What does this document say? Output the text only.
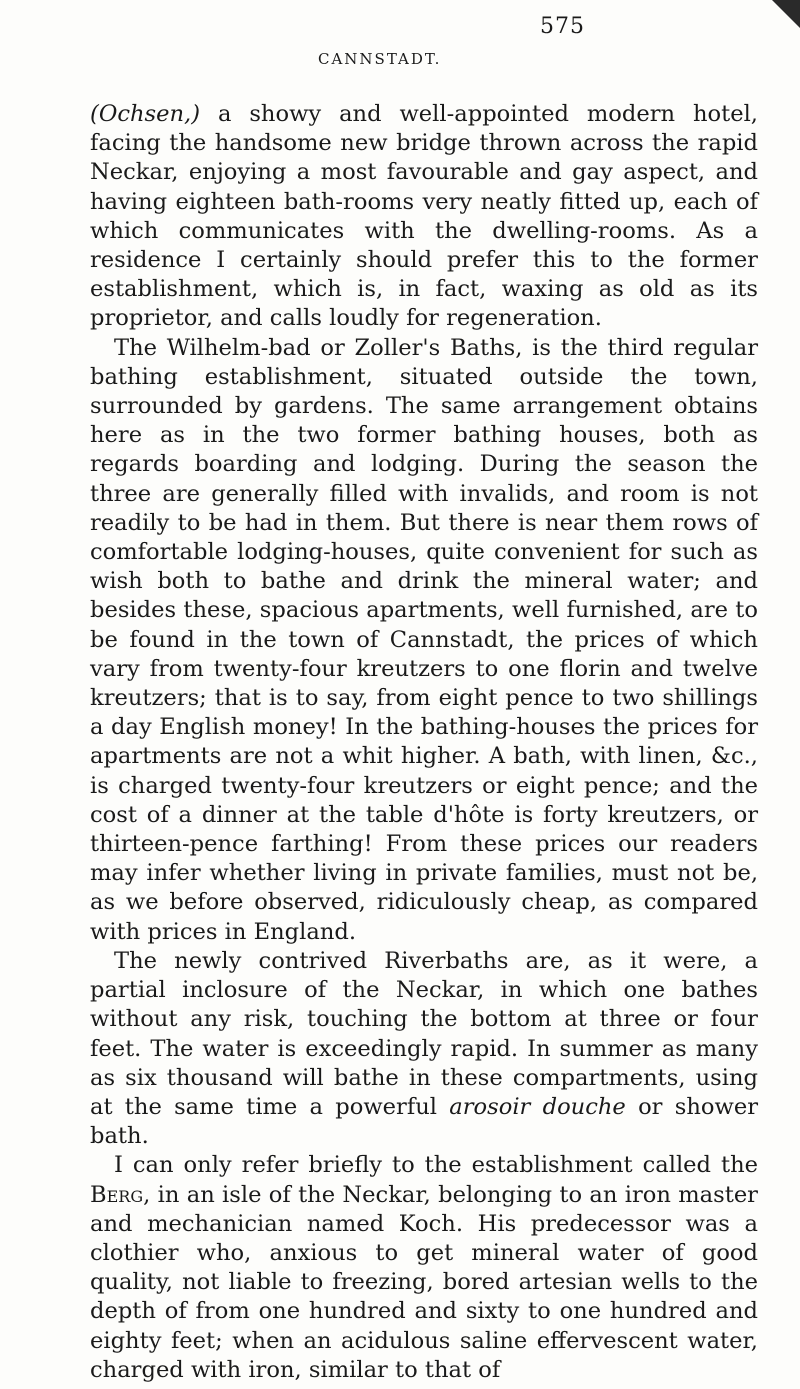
575
CANNSTADT.

(Ochsen,) a showy and well-appointed modern hotel, facing the handsome new bridge thrown across the rapid Neckar, enjoying a most favourable and gay aspect, and having eighteen bath-rooms very neatly fitted up, each of which communicates with the dwelling-rooms. As a residence I certainly should prefer this to the former establishment, which is, in fact, waxing as old as its proprietor, and calls loudly for regeneration.

The Wilhelm-bad or Zoller's Baths, is the third regular bathing establishment, situated outside the town, surrounded by gardens. The same arrangement obtains here as in the two former bathing houses, both as regards boarding and lodging. During the season the three are generally filled with invalids, and room is not readily to be had in them. But there is near them rows of comfortable lodging-houses, quite convenient for such as wish both to bathe and drink the mineral water; and besides these, spacious apartments, well furnished, are to be found in the town of Cannstadt, the prices of which vary from twenty-four kreutzers to one florin and twelve kreutzers; that is to say, from eight pence to two shillings a day English money! In the bathing-houses the prices for apartments are not a whit higher. A bath, with linen, &c., is charged twenty-four kreutzers or eight pence; and the cost of a dinner at the table d'hôte is forty kreutzers, or thirteen-pence farthing! From these prices our readers may infer whether living in private families, must not be, as we before observed, ridiculously cheap, as compared with prices in England.

The newly contrived Riverbaths are, as it were, a partial inclosure of the Neckar, in which one bathes without any risk, touching the bottom at three or four feet. The water is exceedingly rapid. In summer as many as six thousand will bathe in these compartments, using at the same time a powerful arosoir douche or shower bath.

I can only refer briefly to the establishment called the Berg, in an isle of the Neckar, belonging to an iron master and mechanician named Koch. His predecessor was a clothier who, anxious to get mineral water of good quality, not liable to freezing, bored artesian wells to the depth of from one hundred and sixty to one hundred and eighty feet; when an acidulous saline effervescent water, charged with iron, similar to that of
